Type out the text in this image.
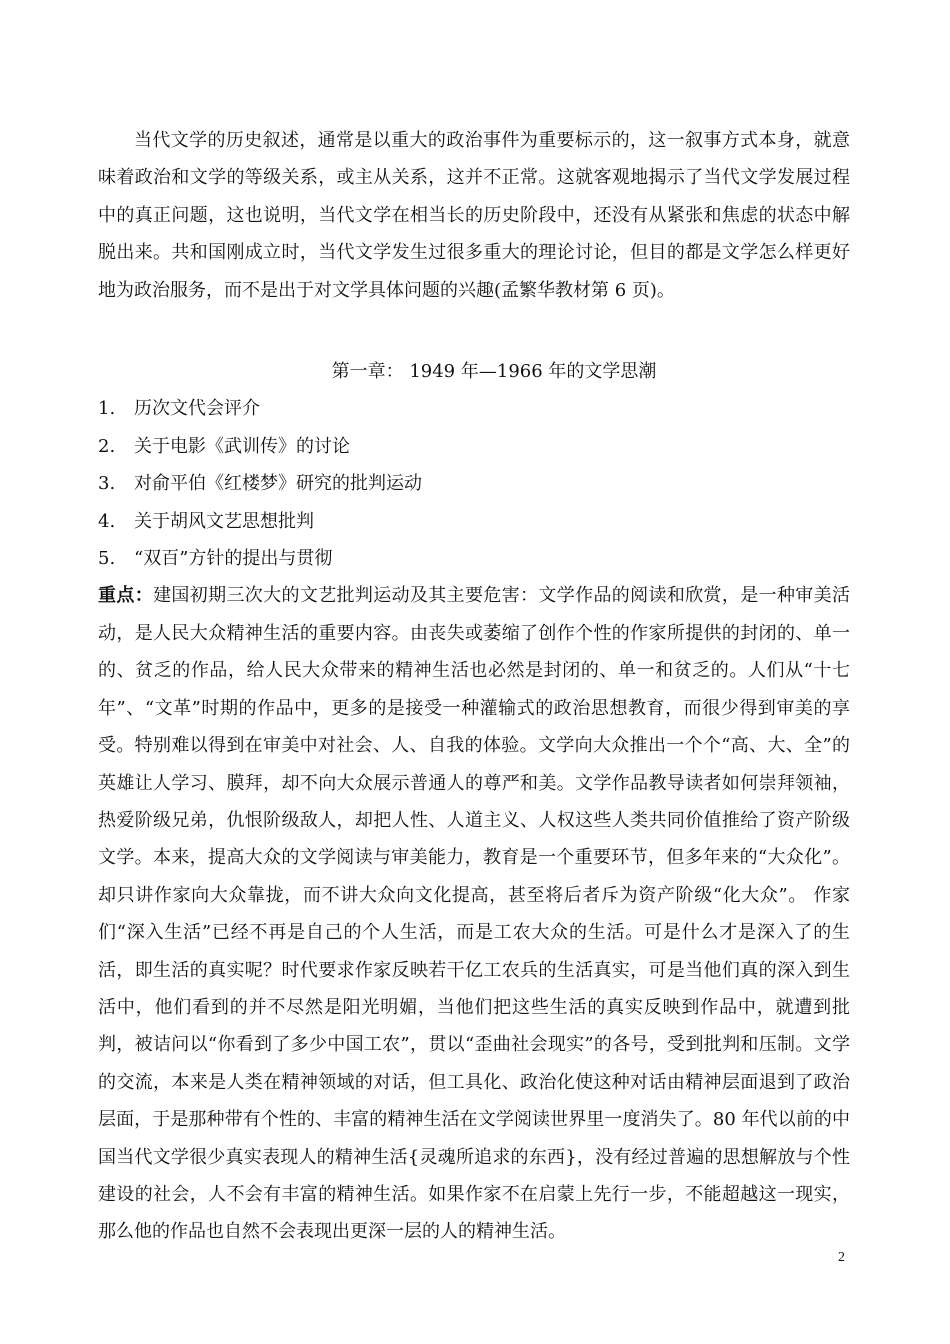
当代文学的历史叙述，通常是以重大的政治事件为重要标示的，这一叙事方式本身，就意味着政治和文学的等级关系，或主从关系，这并不正常。这就客观地揭示了当代文学发展过程中的真正问题，这也说明，当代文学在相当长的历史阶段中，还没有从紧张和焦虑的状态中解脱出来。共和国刚成立时，当代文学发生过很多重大的理论讨论，但目的都是文学怎么样更好地为政治服务，而不是出于对文学具体问题的兴趣(孟繁华教材第 6 页)。

第一章： 1949 年—1966 年的文学思潮
1.	历次文代会评介
2.	关于电影《武训传》的讨论
3.	对俞平伯《红楼梦》研究的批判运动
4.	关于胡风文艺思想批判
5.	“双百”方针的提出与贯彻

重点：建国初期三次大的文艺批判运动及其主要危害：文学作品的阅读和欣赏，是一种审美活动，是人民大众精神生活的重要内容。由丧失或萎缩了创作个性的作家所提供的封闭的、单一的、贫乏的作品，给人民大众带来的精神生活也必然是封闭的、单一和贫乏的。人们从“十七年”、“文革”时期的作品中，更多的是接受一种灌输式的政治思想教育，而很少得到审美的享受。特别难以得到在审美中对社会、人、自我的体验。文学向大众推出一个个“高、大、全”的英雄让人学习、膜拜，却不向大众展示普通人的尊严和美。文学作品教导读者如何崇拜领袖，热爱阶级兄弟，仇恨阶级敌人，却把人性、人道主义、人权这些人类共同价值推给了资产阶级文学。本来，提高大众的文学阅读与审美能力，教育是一个重要环节，但多年来的“大众化”。却只讲作家向大众靠拢，而不讲大众向文化提高，甚至将后者斥为资产阶级“化大众”。 作家们“深入生活”已经不再是自己的个人生活，而是工农大众的生活。可是什么才是深入了的生活，即生活的真实呢？时代要求作家反映若干亿工农兵的生活真实，可是当他们真的深入到生活中，他们看到的并不尽然是阳光明媚，当他们把这些生活的真实反映到作品中，就遭到批判，被诘问以“你看到了多少中国工农”，贯以“歪曲社会现实”的各号，受到批判和压制。文学的交流，本来是人类在精神领域的对话，但工具化、政治化使这种对话由精神层面退到了政治层面，于是那种带有个性的、丰富的精神生活在文学阅读世界里一度消失了。80 年代以前的中国当代文学很少真实表现人的精神生活{灵魂所追求的东西}，没有经过普遍的思想解放与个性建设的社会，人不会有丰富的精神生活。如果作家不在启蒙上先行一步，不能超越这一现实，那么他的作品也自然不会表现出更深一层的人的精神生活。

2
